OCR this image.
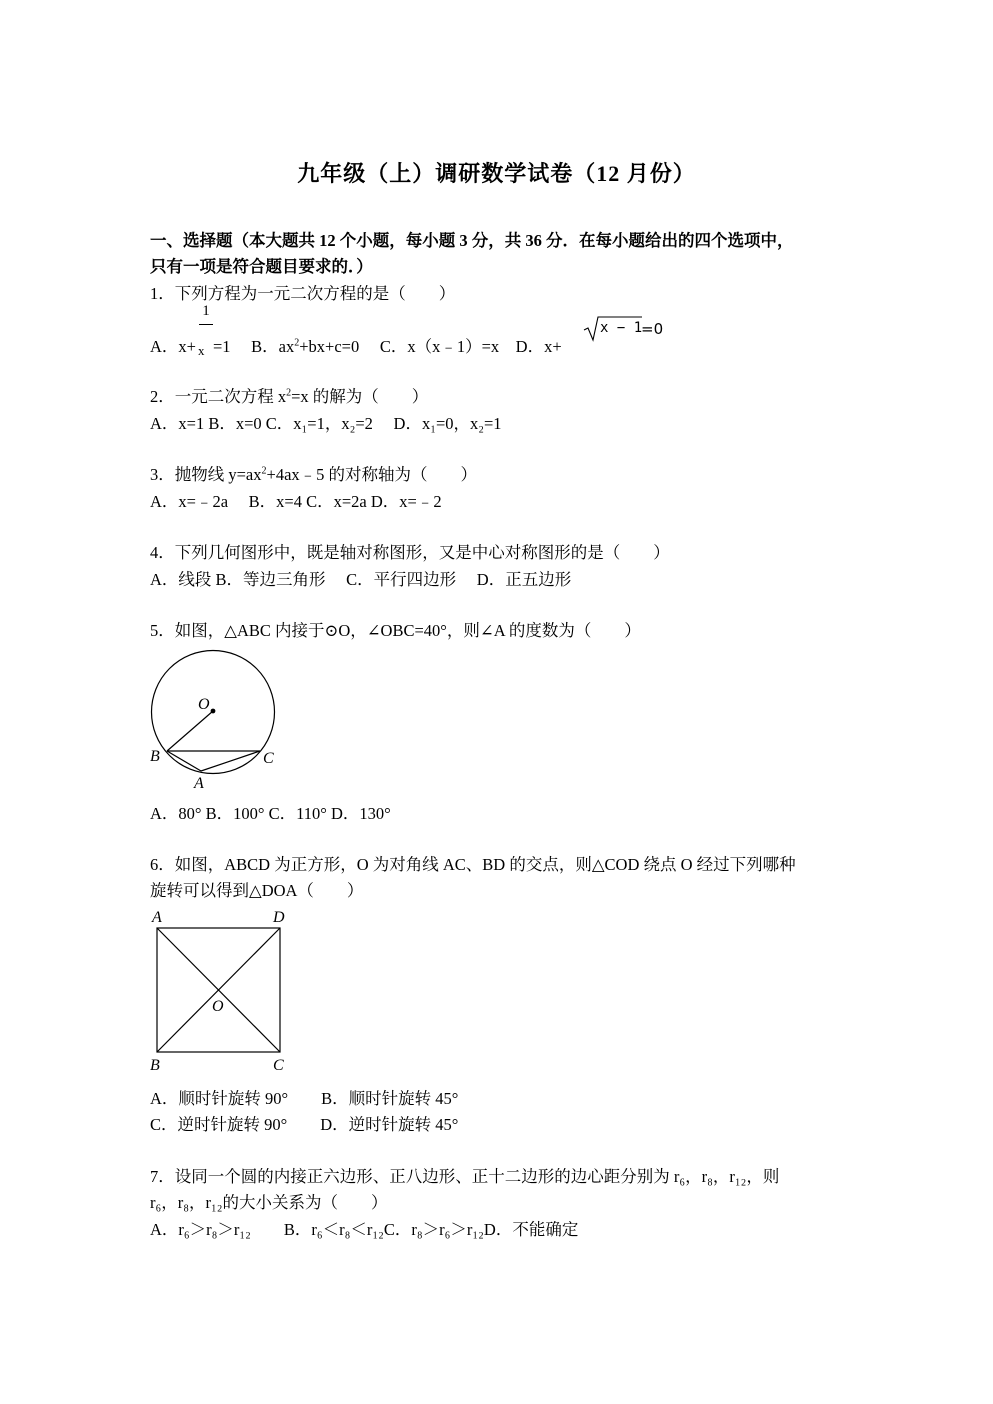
九年级（上）调研数学试卷（12 月份）
一、选择题（本大题共 12 个小题，每小题 3 分，共 36 分．在每小题给出的四个选项中，
只有一项是符合题目要求的．）
1．下列方程为一元二次方程的是（　　）
1
A．x+ x =1　 B．$ax^2+bx+c=0$　 C．x（x﹣1）=x　D．x+
x − 1
=0
2．一元二次方程 $x^2=x$ 的解为（　　）
A．x=1 B．x=0 C．x₁=1，x₂=2　 D．x₁=0，x₂=1
3．抛物线 $y=ax^2+4ax﹣5$ 的对称轴为（　　）
A．x=﹣2a　 B．x=4 C．x=2a D．x=﹣2
4．下列几何图形中，既是轴对称图形，又是中心对称图形的是（　　）
A．线段 B．等边三角形　 C．平行四边形　 D．正五边形
5．如图，△ABC 内接于⊙O，∠OBC=40°，则∠A 的度数为（　　）
O
B	C
A
A．80° B．100° C．110° D．130°
6．如图，ABCD 为正方形，O 为对角线 AC、BD 的交点，则△COD 绕点 O 经过下列哪种
旋转可以得到△DOA（　　）
A	D
O
B	C
A．顺时针旋转 90°　　B．顺时针旋转 45°
C．逆时针旋转 90°　　D．逆时针旋转 45°
7．设同一个圆的内接正六边形、正八边形、正十二边形的边心距分别为 r₆，r₈，r₁₂，则
r₆，r₈，r₁₂的大小关系为（　　）
A．r₆＞r₈＞r₁₂　　B．r₆＜r₈＜r₁₂C．r₈＞r₆＞r₁₂D．不能确定
